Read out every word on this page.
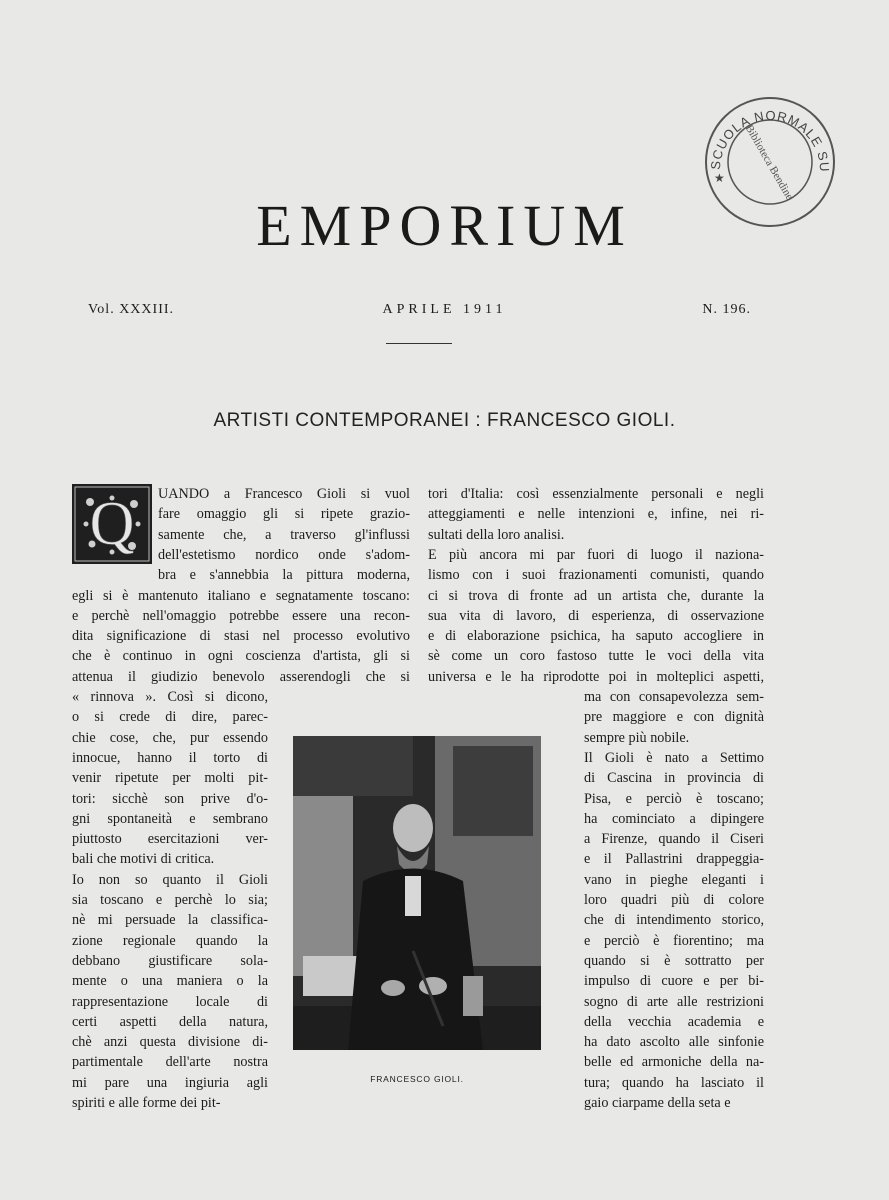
SCUOLA NORMALE SU
Biblioteca Bendine
★
EMPORIUM
Vol. XXXIII.	APRILE 1911	N. 196.
ARTISTI CONTEMPORANEI : FRANCESCO GIOLI.
Q UANDO a Francesco Gioli si vuol
fare omaggio gli si ripete grazio-
samente che, a traverso gl'influssi
dell'estetismo nordico onde s'adom-
bra e s'annebbia la pittura moderna,
egli si è mantenuto italiano e segnatamente toscano:
e perchè nell'omaggio potrebbe essere una recon-
dita significazione di stasi nel processo evolutivo
che è continuo in ogni coscienza d'artista, gli si
attenua il giudizio benevolo asserendogli che si
« rinnova ». Così si dicono,
o si crede di dire, parec-
chie cose, che, pur essendo
innocue, hanno il torto di
venir ripetute per molti pit-
tori: sicchè son prive d'o-
gni spontaneità e sembrano
piuttosto esercitazioni ver-
bali che motivi di critica.
Io non so quanto il Gioli
sia toscano e perchè lo sia;
nè mi persuade la classifica-
zione regionale quando la
debbano giustificare sola-
mente o una maniera o la
rappresentazione locale di
certi aspetti della natura,
chè anzi questa divisione di-
partimentale dell'arte nostra
mi pare una ingiuria agli
spiriti e alle forme dei pit-
tori d'Italia: così essenzialmente personali e negli
atteggiamenti e nelle intenzioni e, infine, nei ri-
sultati della loro analisi.
E più ancora mi par fuori di luogo il naziona-
lismo con i suoi frazionamenti comunisti, quando
ci si trova di fronte ad un artista che, durante la
sua vita di lavoro, di esperienza, di osservazione
e di elaborazione psichica, ha saputo accogliere in
sè come un coro fastoso tutte le voci della vita
universa e le ha riprodotte poi in molteplici aspetti,
ma con consapevolezza sem-
pre maggiore e con dignità
sempre più nobile.
Il Gioli è nato a Settimo
di Cascina in provincia di
Pisa, e perciò è toscano;
ha cominciato a dipingere
a Firenze, quando il Ciseri
e il Pallastrini drappeggia-
vano in pieghe eleganti i
loro quadri più di colore
che di intendimento storico,
e perciò è fiorentino; ma
quando si è sottratto per
impulso di cuore e per bi-
sogno di arte alle restrizioni
della vecchia academia e
ha dato ascolto alle sinfonie
belle ed armoniche della na-
tura; quando ha lasciato il
gaio ciarpame della seta e
FRANCESCO GIOLI.
